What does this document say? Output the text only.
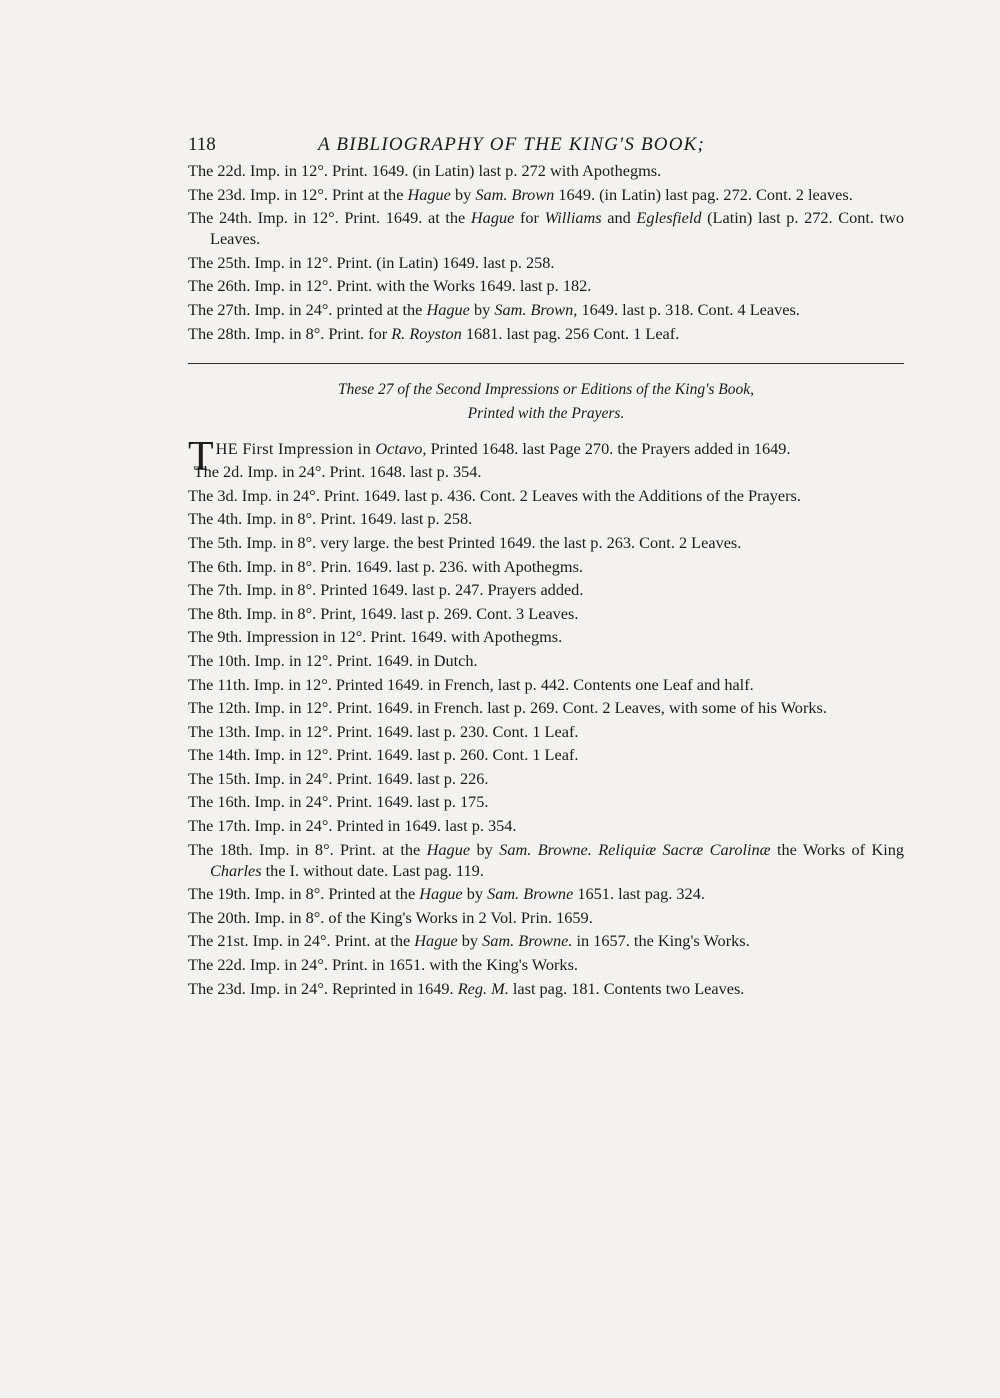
118	A BIBLIOGRAPHY OF THE KING'S BOOK;
The 22d. Imp. in 12°. Print. 1649. (in Latin) last p. 272 with Apothegms.
The 23d. Imp. in 12°. Print at the Hague by Sam. Brown 1649. (in Latin) last pag. 272. Cont. 2 leaves.
The 24th. Imp. in 12°. Print. 1649. at the Hague for Williams and Eglesfield (Latin) last p. 272. Cont. two Leaves.
The 25th. Imp. in 12°. Print. (in Latin) 1649. last p. 258.
The 26th. Imp. in 12°. Print. with the Works 1649. last p. 182.
The 27th. Imp. in 24°. printed at the Hague by Sam. Brown, 1649. last p. 318. Cont. 4 Leaves.
The 28th. Imp. in 8°. Print. for R. Royston 1681. last pag. 256 Cont. 1 Leaf.
These 27 of the Second Impressions or Editions of the King's Book,
Printed with the Prayers.
THE First Impression in Octavo, Printed 1648. last Page 270. the Prayers added in 1649.
The 2d. Imp. in 24°. Print. 1648. last p. 354.
The 3d. Imp. in 24°. Print. 1649. last p. 436. Cont. 2 Leaves with the Additions of the Prayers.
The 4th. Imp. in 8°. Print. 1649. last p. 258.
The 5th. Imp. in 8°. very large. the best Printed 1649. the last p. 263. Cont. 2 Leaves.
The 6th. Imp. in 8°. Prin. 1649. last p. 236. with Apothegms.
The 7th. Imp. in 8°. Printed 1649. last p. 247. Prayers added.
The 8th. Imp. in 8°. Print, 1649. last p. 269. Cont. 3 Leaves.
The 9th. Impression in 12°. Print. 1649. with Apothegms.
The 10th. Imp. in 12°. Print. 1649. in Dutch.
The 11th. Imp. in 12°. Printed 1649. in French, last p. 442. Contents one Leaf and half.
The 12th. Imp. in 12°. Print. 1649. in French. last p. 269. Cont. 2 Leaves, with some of his Works.
The 13th. Imp. in 12°. Print. 1649. last p. 230. Cont. 1 Leaf.
The 14th. Imp. in 12°. Print. 1649. last p. 260. Cont. 1 Leaf.
The 15th. Imp. in 24°. Print. 1649. last p. 226.
The 16th. Imp. in 24°. Print. 1649. last p. 175.
The 17th. Imp. in 24°. Printed in 1649. last p. 354.
The 18th. Imp. in 8°. Print. at the Hague by Sam. Browne. Reliquiæ Sacræ Carolinæ the Works of King Charles the I. without date. Last pag. 119.
The 19th. Imp. in 8°. Printed at the Hague by Sam. Browne 1651. last pag. 324.
The 20th. Imp. in 8°. of the King's Works in 2 Vol. Prin. 1659.
The 21st. Imp. in 24°. Print. at the Hague by Sam. Browne. in 1657. the King's Works.
The 22d. Imp. in 24°. Print. in 1651. with the King's Works.
The 23d. Imp. in 24°. Reprinted in 1649. Reg. M. last pag. 181. Contents two Leaves.
